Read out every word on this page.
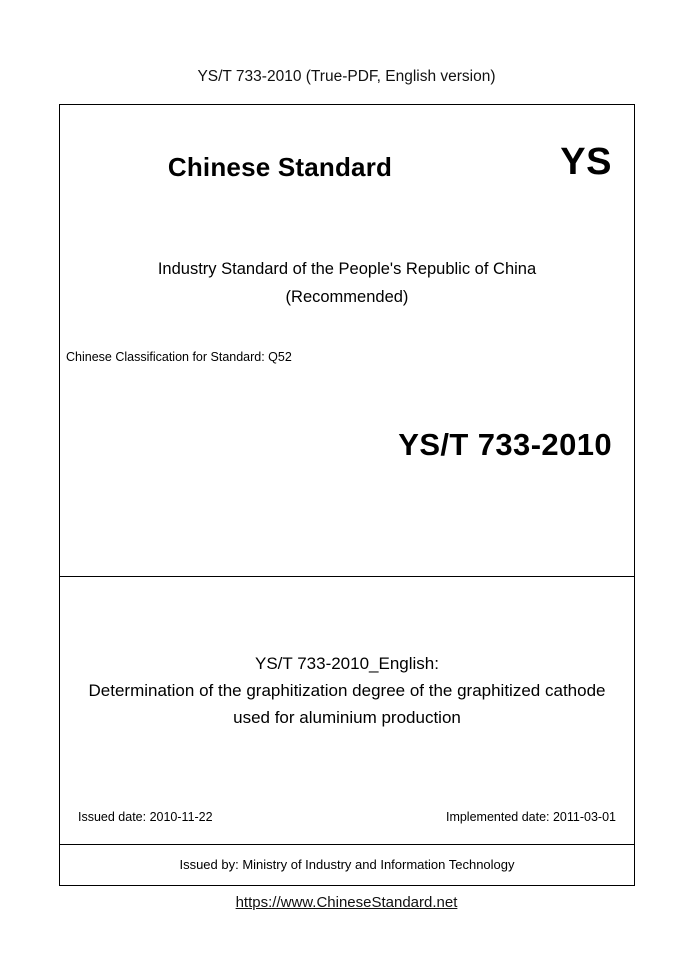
YS/T 733-2010 (True-PDF, English version)
Chinese Standard	YS
Industry Standard of the People's Republic of China
(Recommended)
Chinese Classification for Standard: Q52
YS/T 733-2010
YS/T 733-2010_English:
Determination of the graphitization degree of the graphitized cathode used for aluminium production
Issued date: 2010-11-22	Implemented date: 2011-03-01
Issued by: Ministry of Industry and Information Technology
https://www.ChineseStandard.net
